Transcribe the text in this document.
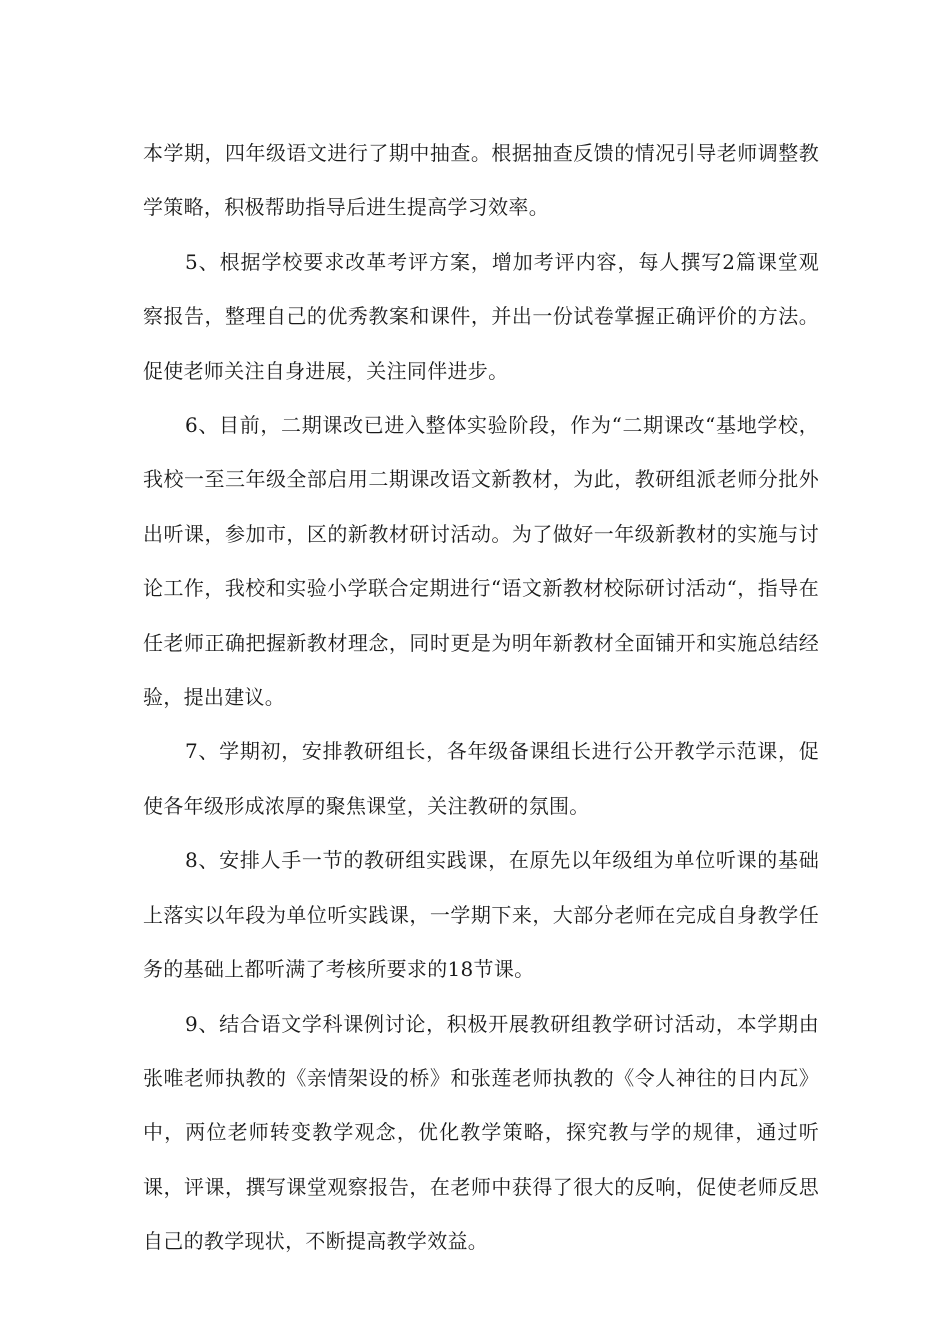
本学期，四年级语文进行了期中抽查。根据抽查反馈的情况引导老师调整教学策略，积极帮助指导后进生提高学习效率。

5、根据学校要求改革考评方案，增加考评内容，每人撰写2篇课堂观察报告，整理自己的优秀教案和课件，并出一份试卷掌握正确评价的方法。促使老师关注自身进展，关注同伴进步。

6、目前，二期课改已进入整体实验阶段，作为“二期课改“基地学校，我校一至三年级全部启用二期课改语文新教材，为此，教研组派老师分批外出听课，参加市，区的新教材研讨活动。为了做好一年级新教材的实施与讨论工作，我校和实验小学联合定期进行“语文新教材校际研讨活动“，指导在任老师正确把握新教材理念，同时更是为明年新教材全面铺开和实施总结经验，提出建议。

7、学期初，安排教研组长，各年级备课组长进行公开教学示范课，促使各年级形成浓厚的聚焦课堂，关注教研的氛围。

8、安排人手一节的教研组实践课，在原先以年级组为单位听课的基础上落实以年段为单位听实践课，一学期下来，大部分老师在完成自身教学任务的基础上都听满了考核所要求的18节课。

9、结合语文学科课例讨论，积极开展教研组教学研讨活动，本学期由张唯老师执教的《亲情架设的桥》和张莲老师执教的《令人神往的日内瓦》中，两位老师转变教学观念，优化教学策略，探究教与学的规律，通过听课，评课，撰写课堂观察报告，在老师中获得了很大的反响，促使老师反思自己的教学现状，不断提高教学效益。
